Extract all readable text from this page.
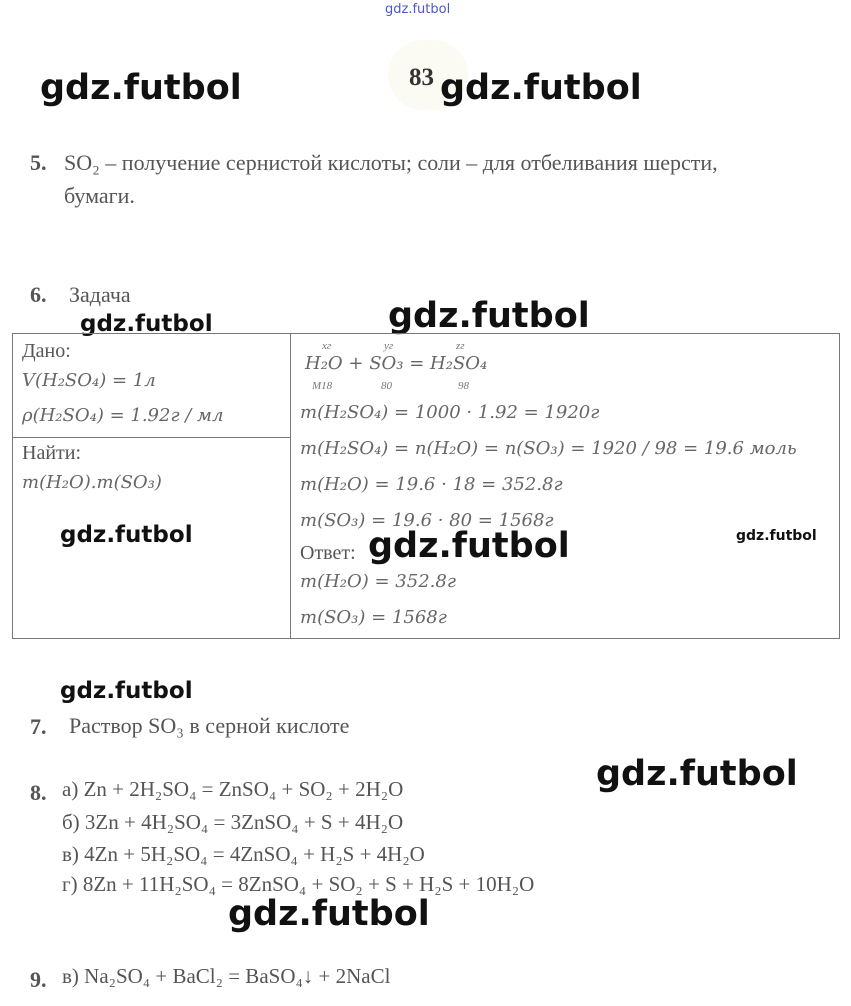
gdz.futbol
83
gdz.futbol	gdz.futbol
5. SO₂ – получение сернистой кислоты; соли – для отбеливания шерсти,
бумаги.
6. Задача
gdz.futbol	gdz.futbol
Дано:
V(H₂SO₄) = 1л
ρ(H₂SO₄) = 1.92г / мл
Найти:
m(H₂O).m(SO₃)
gdz.futbol
xг	yг	zг
H₂O + SO₃ = H₂SO₄
M18	80	98
m(H₂SO₄) = 1000 · 1.92 = 1920г
m(H₂SO₄) = n(H₂O) = n(SO₃) = 1920 / 98 = 19.6 моль
m(H₂O) = 19.6 · 18 = 352.8г
m(SO₃) = 19.6 · 80 = 1568г
Ответ:
m(H₂O) = 352.8г
m(SO₃) = 1568г
gdz.futbol	gdz.futbol
gdz.futbol
7. Раствор SO₃ в серной кислоте
gdz.futbol
8. а) Zn + 2H₂SO₄ = ZnSO₄ + SO₂ + 2H₂O
б) 3Zn + 4H₂SO₄ = 3ZnSO₄ + S + 4H₂O
в) 4Zn + 5H₂SO₄ = 4ZnSO₄ + H₂S + 4H₂O
г) 8Zn + 11H₂SO₄ = 8ZnSO₄ + SO₂ + S + H₂S + 10H₂O
gdz.futbol
9. в) Na₂SO₄ + BaCl₂ = BaSO₄↓ + 2NaCl
